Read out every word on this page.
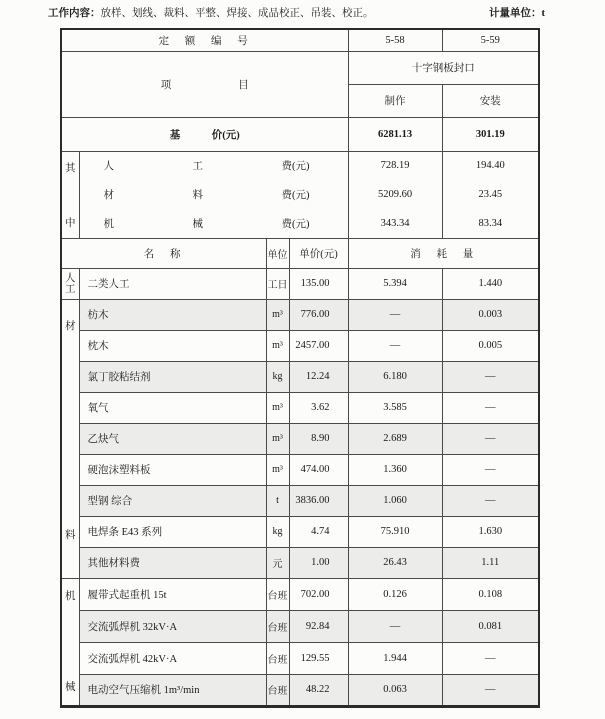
工作内容：放样、划线、裁料、平整、焊接、成品校正、吊装、校正。	计量单位：t
定额编号				5-58	5-59

项 目				十字钢板封口	
				制作	安装

基 价(元)				6281.13	301.19

其
中	人 工 费(元)			728.19	194.40

	材 料 费(元)			5209.60	23.45

	机 械 费(元)			343.34	83.34
名称		单位	单价(元)	消耗量	

人
工	二类人工	工日	135.00	5.394	1.440

材
料	枋木	m³	776.00	—	0.003
	枕木	m³	2457.00	—	0.005
	氯丁胶粘结剂	kg	12.24	6.180	—
	氧气	m³	3.62	3.585	—
	乙炔气	m³	8.90	2.689	—
	硬泡沫塑料板	m³	474.00	1.360	—
	型钢 综合	t	3836.00	1.060	—
	电焊条 E43 系列	kg	4.74	75.910	1.630
	其他材料费	元	1.00	26.43	1.11

机
械	履带式起重机 15t	台班	702.00	0.126	0.108
	交流弧焊机 32kV·A	台班	92.84	—	0.081
	交流弧焊机 42kV·A	台班	129.55	1.944	—
	电动空气压缩机 1m³/min	台班	48.22	0.063	—
